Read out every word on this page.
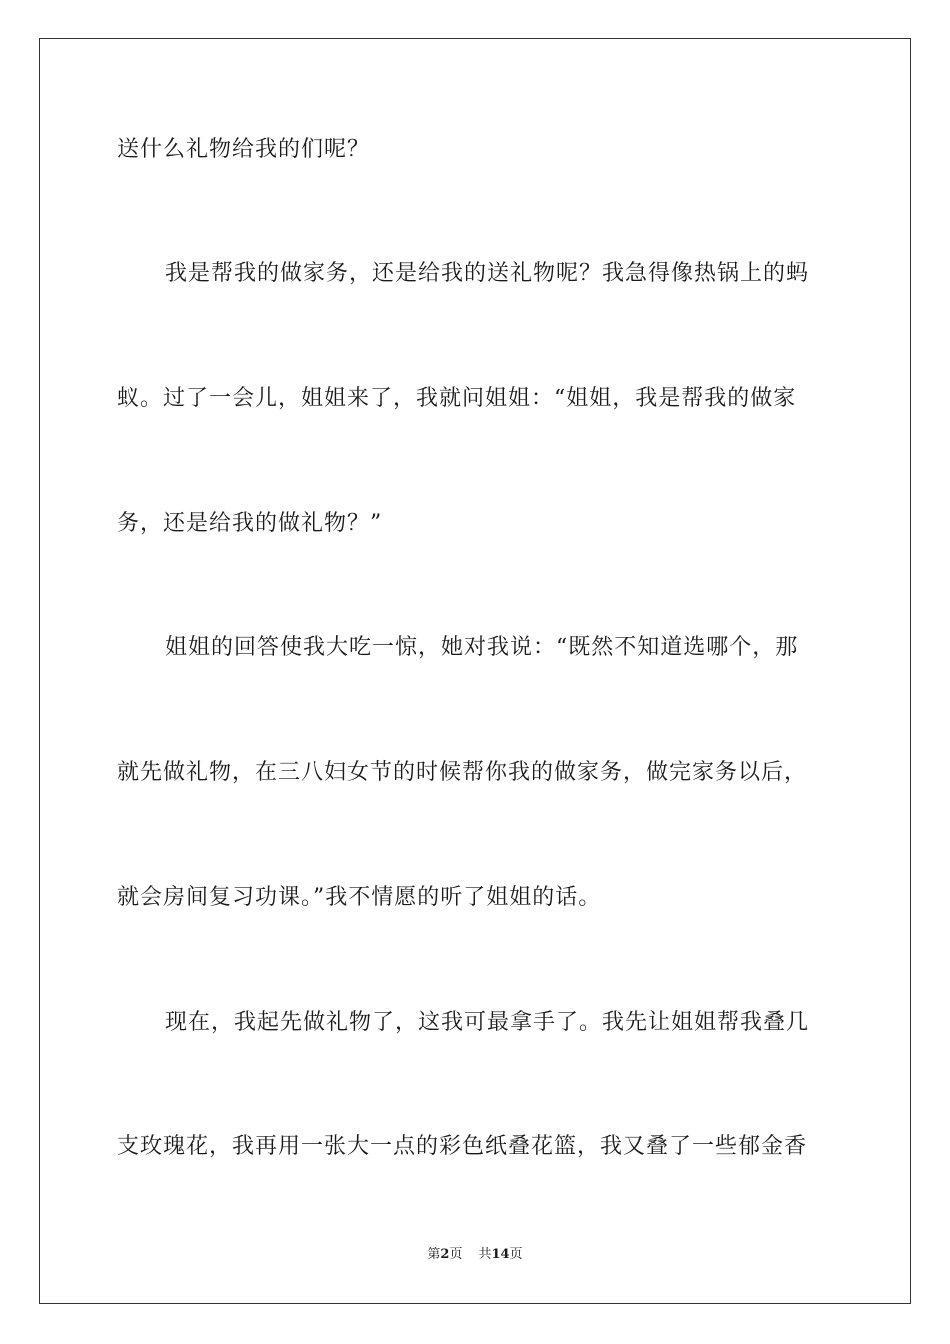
送什么礼物给我的们呢？
我是帮我的做家务，还是给我的送礼物呢？我急得像热锅上的蚂
蚁。过了一会儿，姐姐来了，我就问姐姐：“姐姐，我是帮我的做家
务，还是给我的做礼物？”
姐姐的回答使我大吃一惊，她对我说：“既然不知道选哪个，那
就先做礼物，在三八妇女节的时候帮你我的做家务，做完家务以后，
就会房间复习功课。”我不情愿的听了姐姐的话。
现在，我起先做礼物了，这我可最拿手了。我先让姐姐帮我叠几
支玫瑰花，我再用一张大一点的彩色纸叠花篮，我又叠了一些郁金香
第2页 共14页
